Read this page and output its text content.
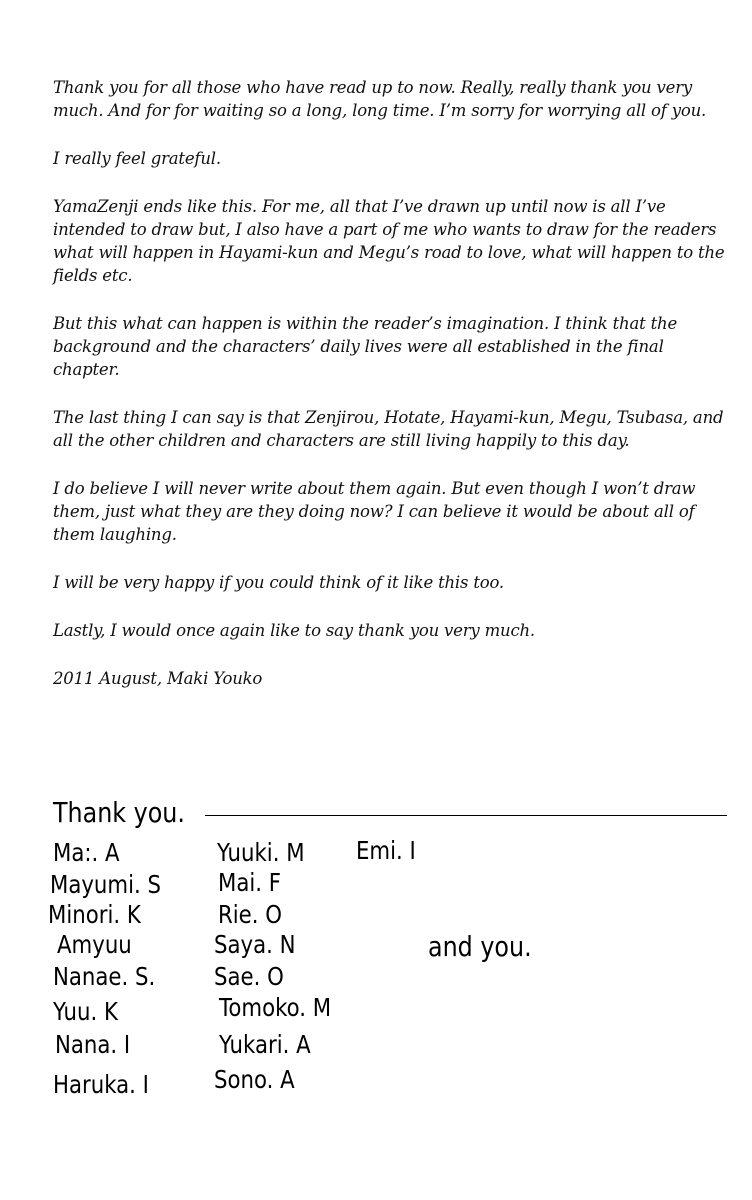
Thank you for all those who have read up to now. Really, really thank you very much. And for for waiting so a long, long time. I’m sorry for worrying all of you.

I really feel grateful.

YamaZenji ends like this. For me, all that I’ve drawn up until now is all I’ve intended to draw but, I also have a part of me who wants to draw for the readers what will happen in Hayami-kun and Megu’s road to love, what will happen to the fields etc.

But this what can happen is within the reader’s imagination. I think that the background and the characters’ daily lives were all established in the final chapter.

The last thing I can say is that Zenjirou, Hotate, Hayami-kun, Megu, Tsubasa, and all the other children and characters are still living happily to this day.

I do believe I will never write about them again. But even though I won’t draw them, just what they are they doing now? I can believe it would be about all of them laughing.

I will be very happy if you could think of it like this too.

Lastly, I would once again like to say thank you very much.

2011 August, Maki Youko

Thank you.
Ma:. A
Mayumi. S
Minori. K
Amyuu
Nanae. S.
Yuu. K
Nana. I
Haruka. I
Yuuki. M
Mai. F
Rie. O
Saya. N
Sae. O
Tomoko. M
Yukari. A
Sono. A
Emi. I
and you.
